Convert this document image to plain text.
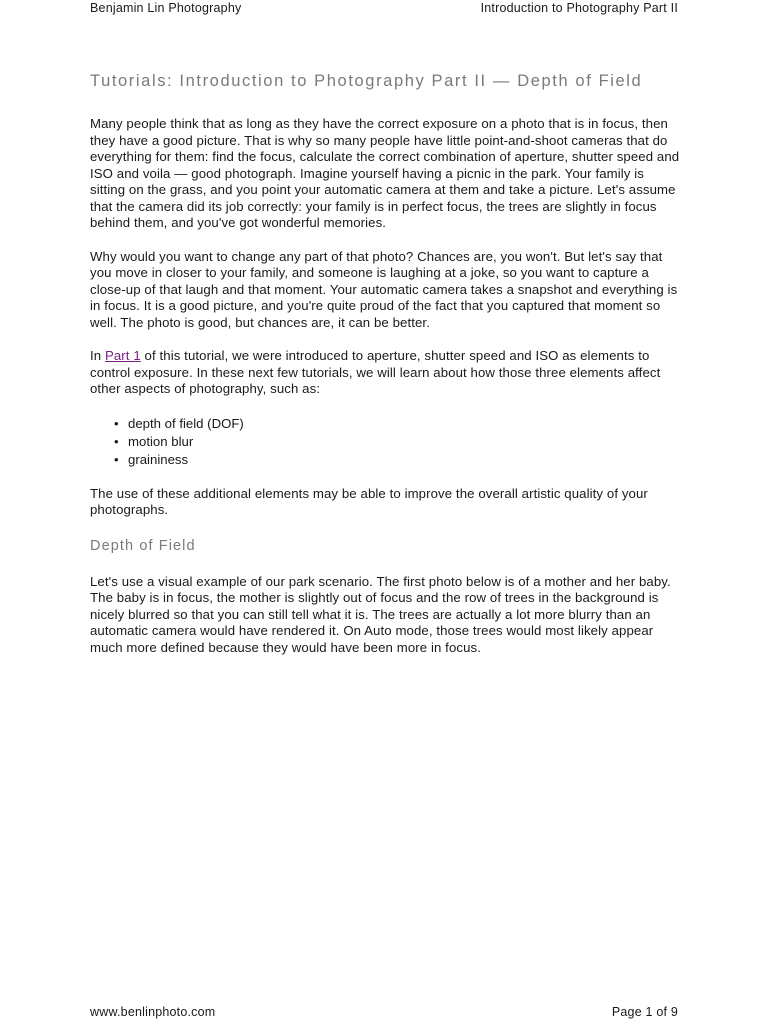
Benjamin Lin Photography	Introduction to Photography Part II
Tutorials: Introduction to Photography Part II — Depth of Field

Many people think that as long as they have the correct exposure on a photo that is in focus, then they have a good picture. That is why so many people have little point-and-shoot cameras that do everything for them: find the focus, calculate the correct combination of aperture, shutter speed and ISO and voila — good photograph. Imagine yourself having a picnic in the park. Your family is sitting on the grass, and you point your automatic camera at them and take a picture. Let's assume that the camera did its job correctly: your family is in perfect focus, the trees are slightly in focus behind them, and you've got wonderful memories.

Why would you want to change any part of that photo? Chances are, you won't. But let's say that you move in closer to your family, and someone is laughing at a joke, so you want to capture a close-up of that laugh and that moment. Your automatic camera takes a snapshot and everything is in focus. It is a good picture, and you're quite proud of the fact that you captured that moment so well. The photo is good, but chances are, it can be better.

In Part 1 of this tutorial, we were introduced to aperture, shutter speed and ISO as elements to control exposure. In these next few tutorials, we will learn about how those three elements affect other aspects of photography, such as:

• depth of field (DOF)
• motion blur
• graininess

The use of these additional elements may be able to improve the overall artistic quality of your photographs.

Depth of Field

Let's use a visual example of our park scenario. The first photo below is of a mother and her baby. The baby is in focus, the mother is slightly out of focus and the row of trees in the background is nicely blurred so that you can still tell what it is. The trees are actually a lot more blurry than an automatic camera would have rendered it. On Auto mode, those trees would most likely appear much more defined because they would have been more in focus.

www.benlinphoto.com	Page 1 of 9
